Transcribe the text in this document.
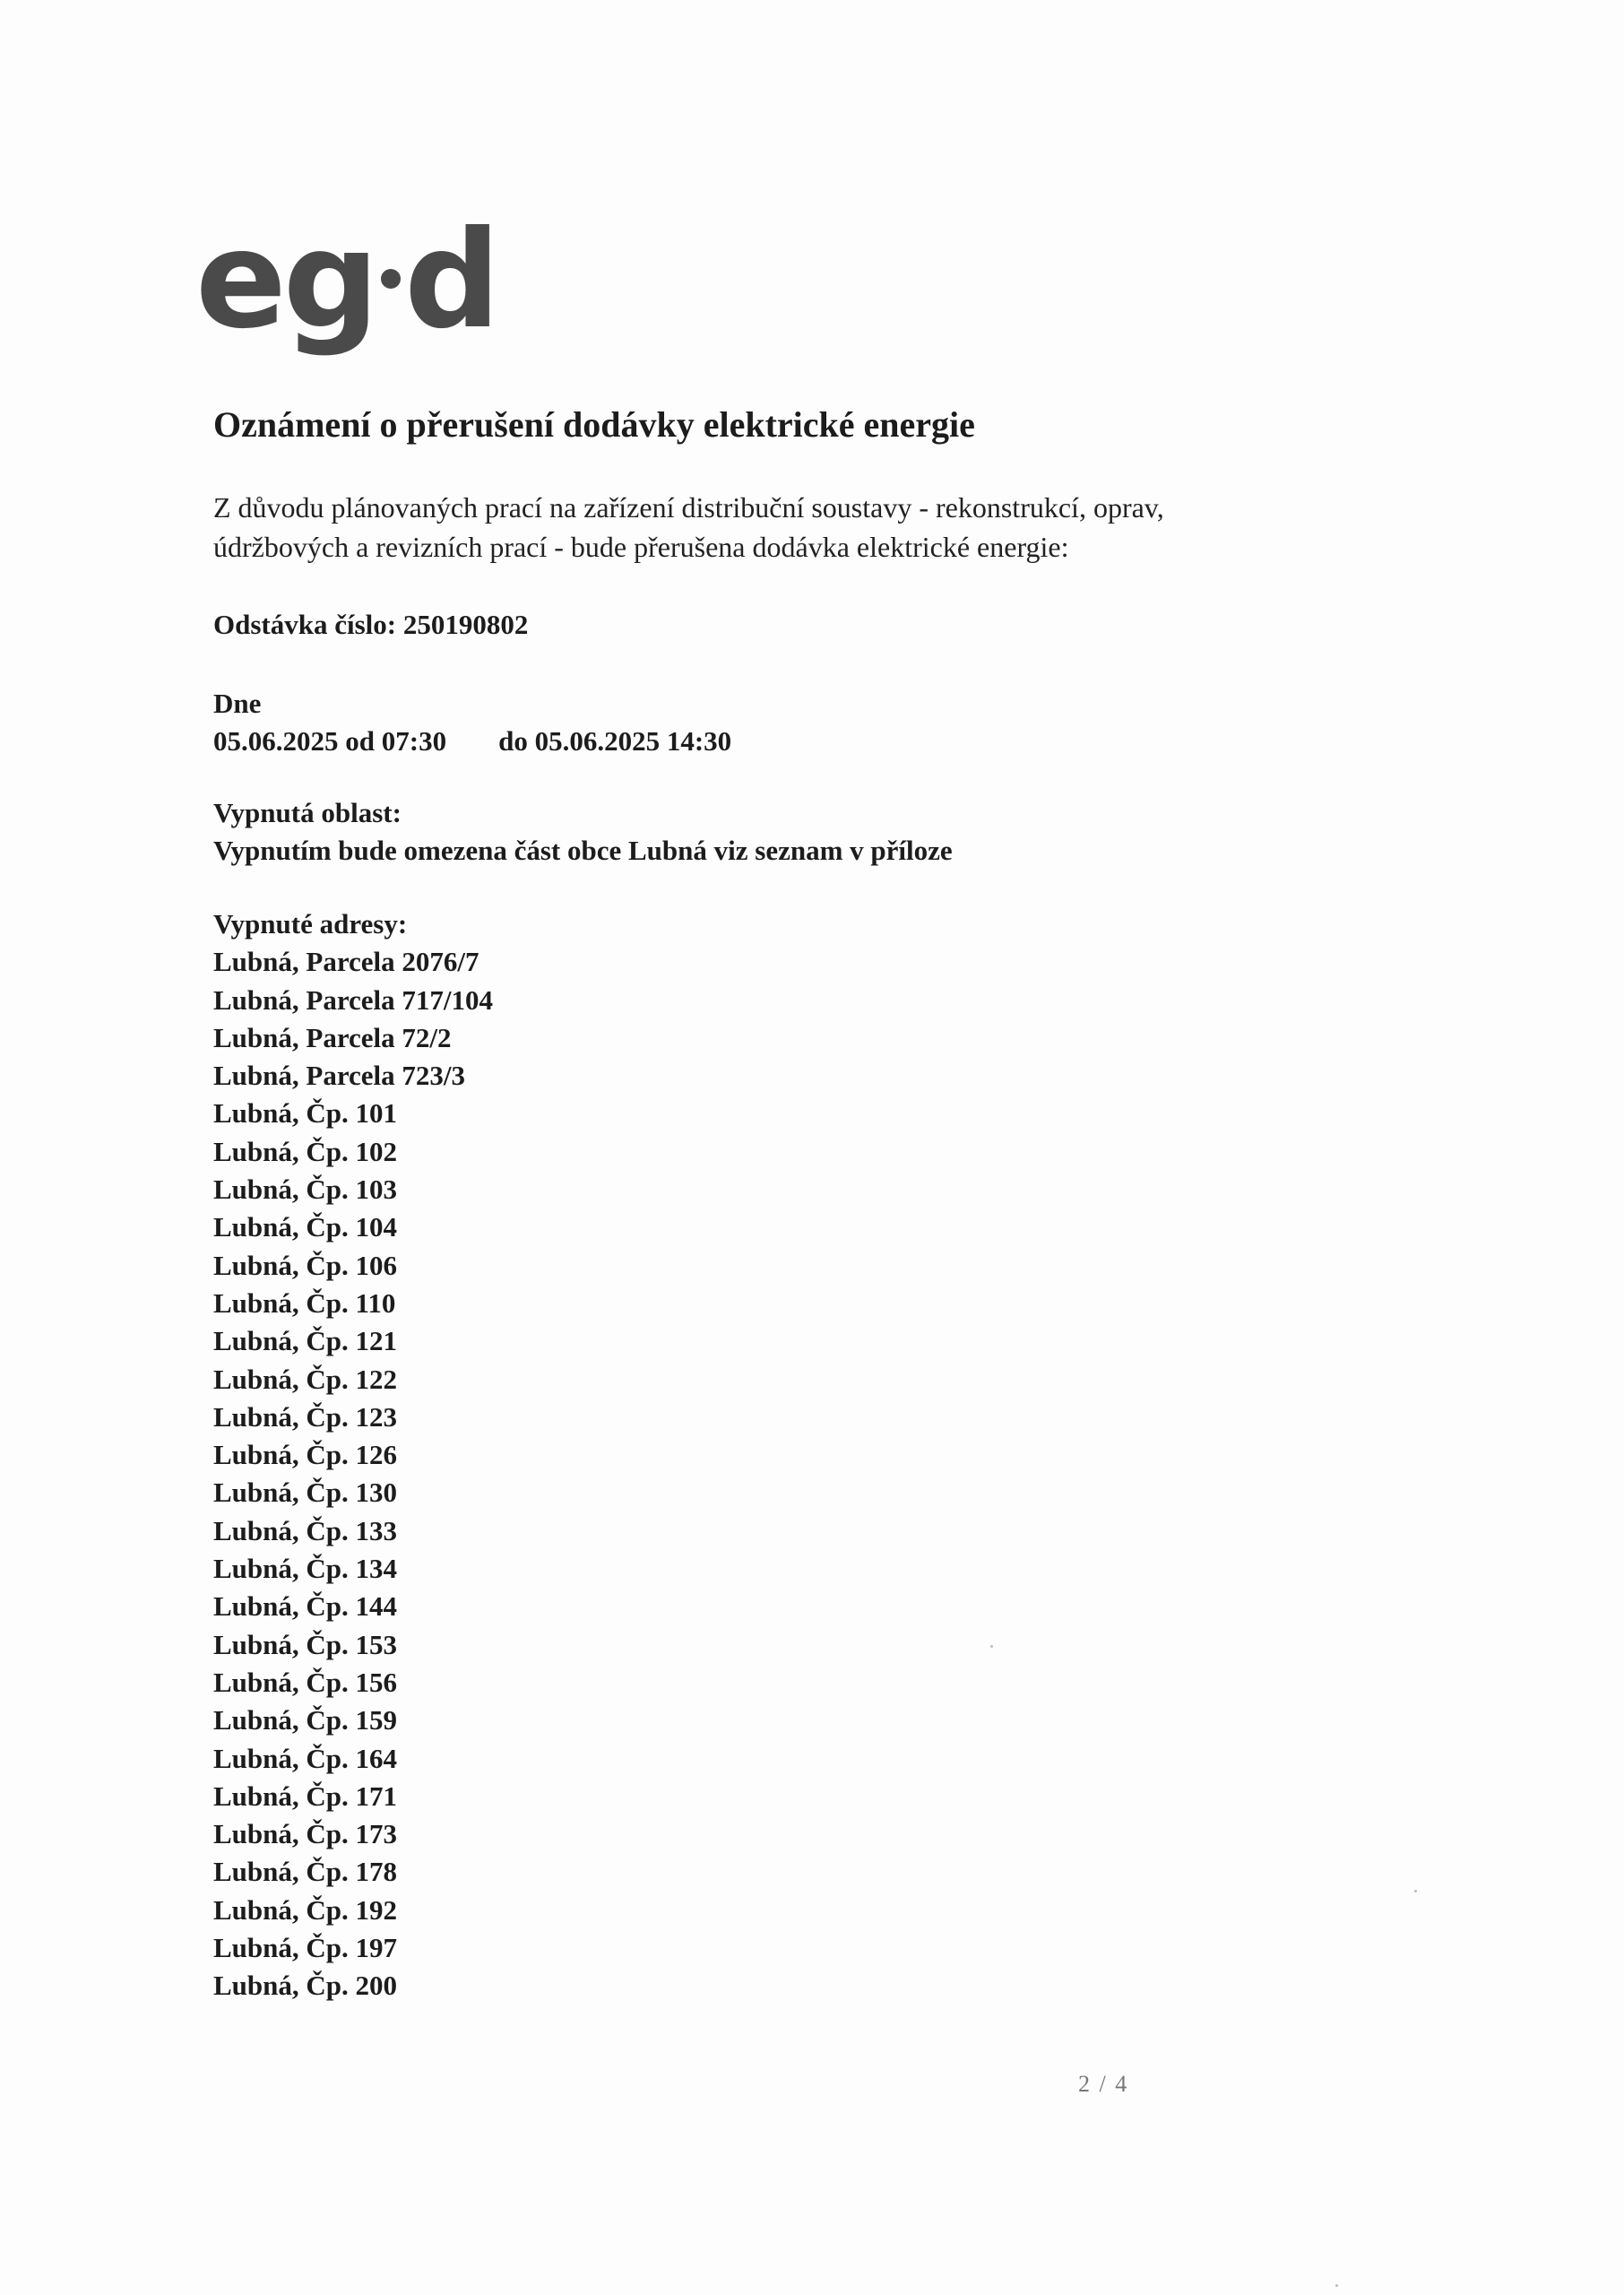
eg d
Oznámení o přerušení dodávky elektrické energie
Z důvodu plánovaných prací na zařízení distribuční soustavy - rekonstrukcí, oprav,
údržbových a revizních prací - bude přerušena dodávka elektrické energie:
Odstávka číslo: 250190802
Dne
05.06.2025 od 07:30 do 05.06.2025 14:30
Vypnutá oblast:
Vypnutím bude omezena část obce Lubná viz seznam v příloze
Vypnuté adresy:
Lubná, Parcela 2076/7
Lubná, Parcela 717/104
Lubná, Parcela 72/2
Lubná, Parcela 723/3
Lubná, Čp. 101
Lubná, Čp. 102
Lubná, Čp. 103
Lubná, Čp. 104
Lubná, Čp. 106
Lubná, Čp. 110
Lubná, Čp. 121
Lubná, Čp. 122
Lubná, Čp. 123
Lubná, Čp. 126
Lubná, Čp. 130
Lubná, Čp. 133
Lubná, Čp. 134
Lubná, Čp. 144
Lubná, Čp. 153
Lubná, Čp. 156
Lubná, Čp. 159
Lubná, Čp. 164
Lubná, Čp. 171
Lubná, Čp. 173
Lubná, Čp. 178
Lubná, Čp. 192
Lubná, Čp. 197
Lubná, Čp. 200
2 / 4
